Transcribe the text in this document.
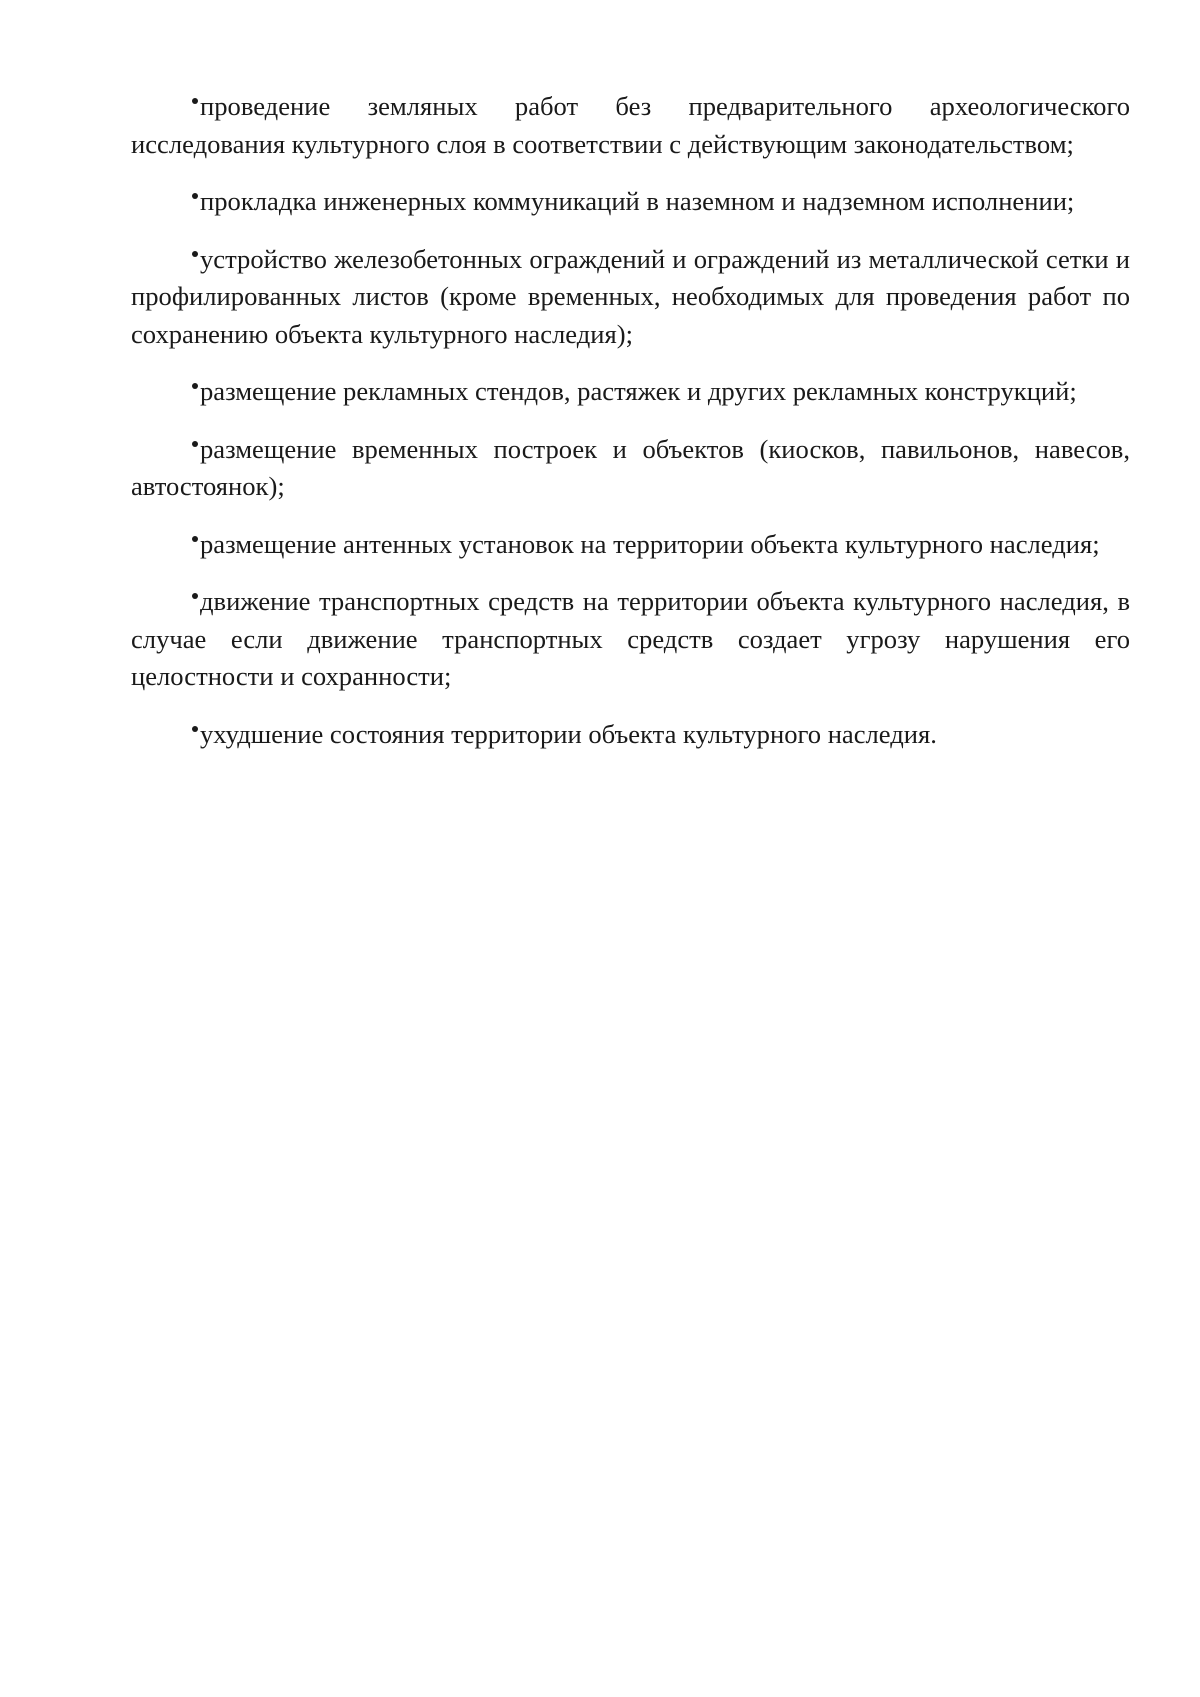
проведение земляных работ без предварительного археологического исследования культурного слоя в соответствии с действующим законодательством;

прокладка инженерных коммуникаций в наземном и надземном исполнении;

устройство железобетонных ограждений и ограждений из металлической сетки и профилированных листов (кроме временных, необходимых для проведения работ по сохранению объекта культурного наследия);

размещение рекламных стендов, растяжек и других рекламных конструкций;

размещение временных построек и объектов (киосков, павильонов, навесов, автостоянок);

размещение антенных установок на территории объекта культурного наследия;

движение транспортных средств на территории объекта культурного наследия, в случае если движение транспортных средств создает угрозу нарушения его целостности и сохранности;

ухудшение состояния территории объекта культурного наследия.
